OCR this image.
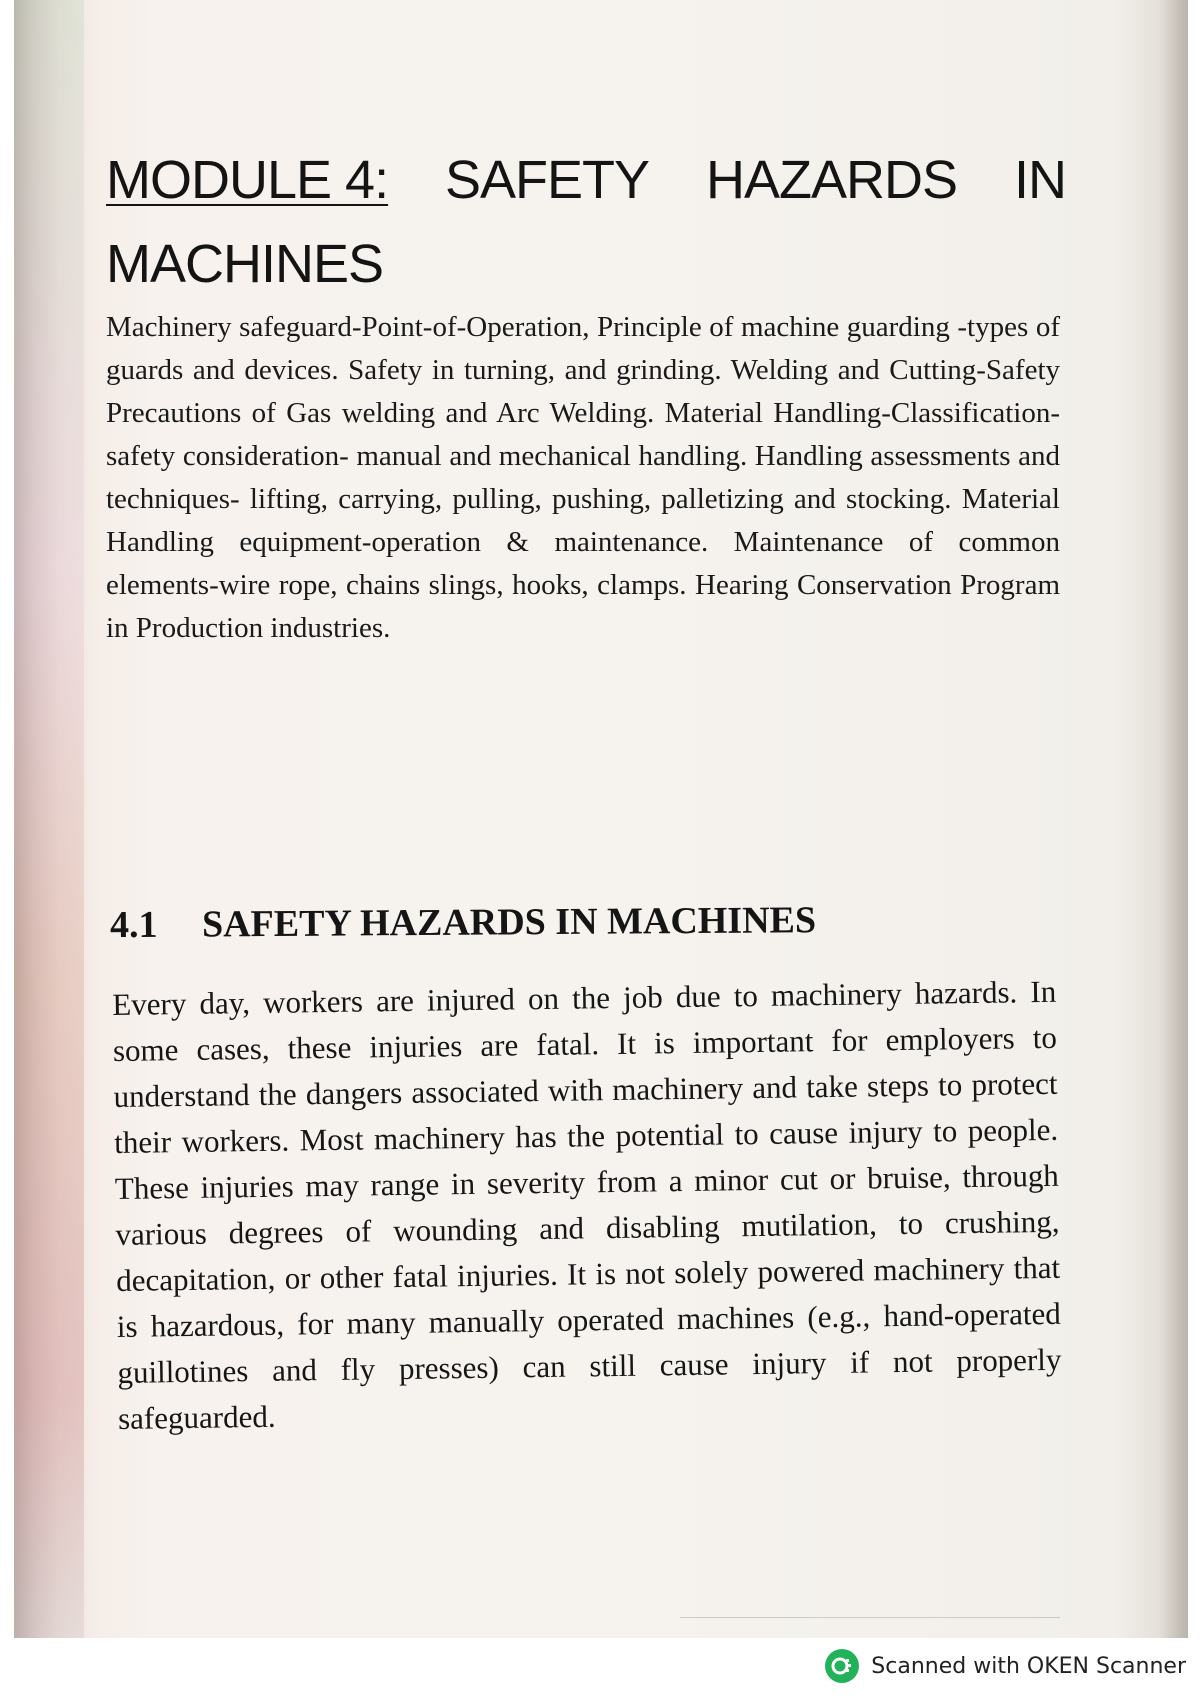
MODULE 4: SAFETY HAZARDS IN
MACHINES

Machinery safeguard-Point-of-Operation, Principle of machine guarding -types of guards and devices. Safety in turning, and grinding. Welding and Cutting-Safety Precautions of Gas welding and Arc Welding. Material Handling-Classification-safety consideration- manual and mechanical handling. Handling assessments and techniques- lifting, carrying, pulling, pushing, palletizing and stocking. Material Handling equipment-operation & maintenance. Maintenance of common elements-wire rope, chains slings, hooks, clamps. Hearing Conservation Program in Production industries.

4.1 SAFETY HAZARDS IN MACHINES

Every day, workers are injured on the job due to machinery hazards. In some cases, these injuries are fatal. It is important for employers to understand the dangers associated with machinery and take steps to protect their workers. Most machinery has the potential to cause injury to people. These injuries may range in severity from a minor cut or bruise, through various degrees of wounding and disabling mutilation, to crushing, decapitation, or other fatal injuries. It is not solely powered machinery that is hazardous, for many manually operated machines (e.g., hand-operated guillotines and fly presses) can still cause injury if not properly safeguarded.

Scanned with OKEN Scanner
